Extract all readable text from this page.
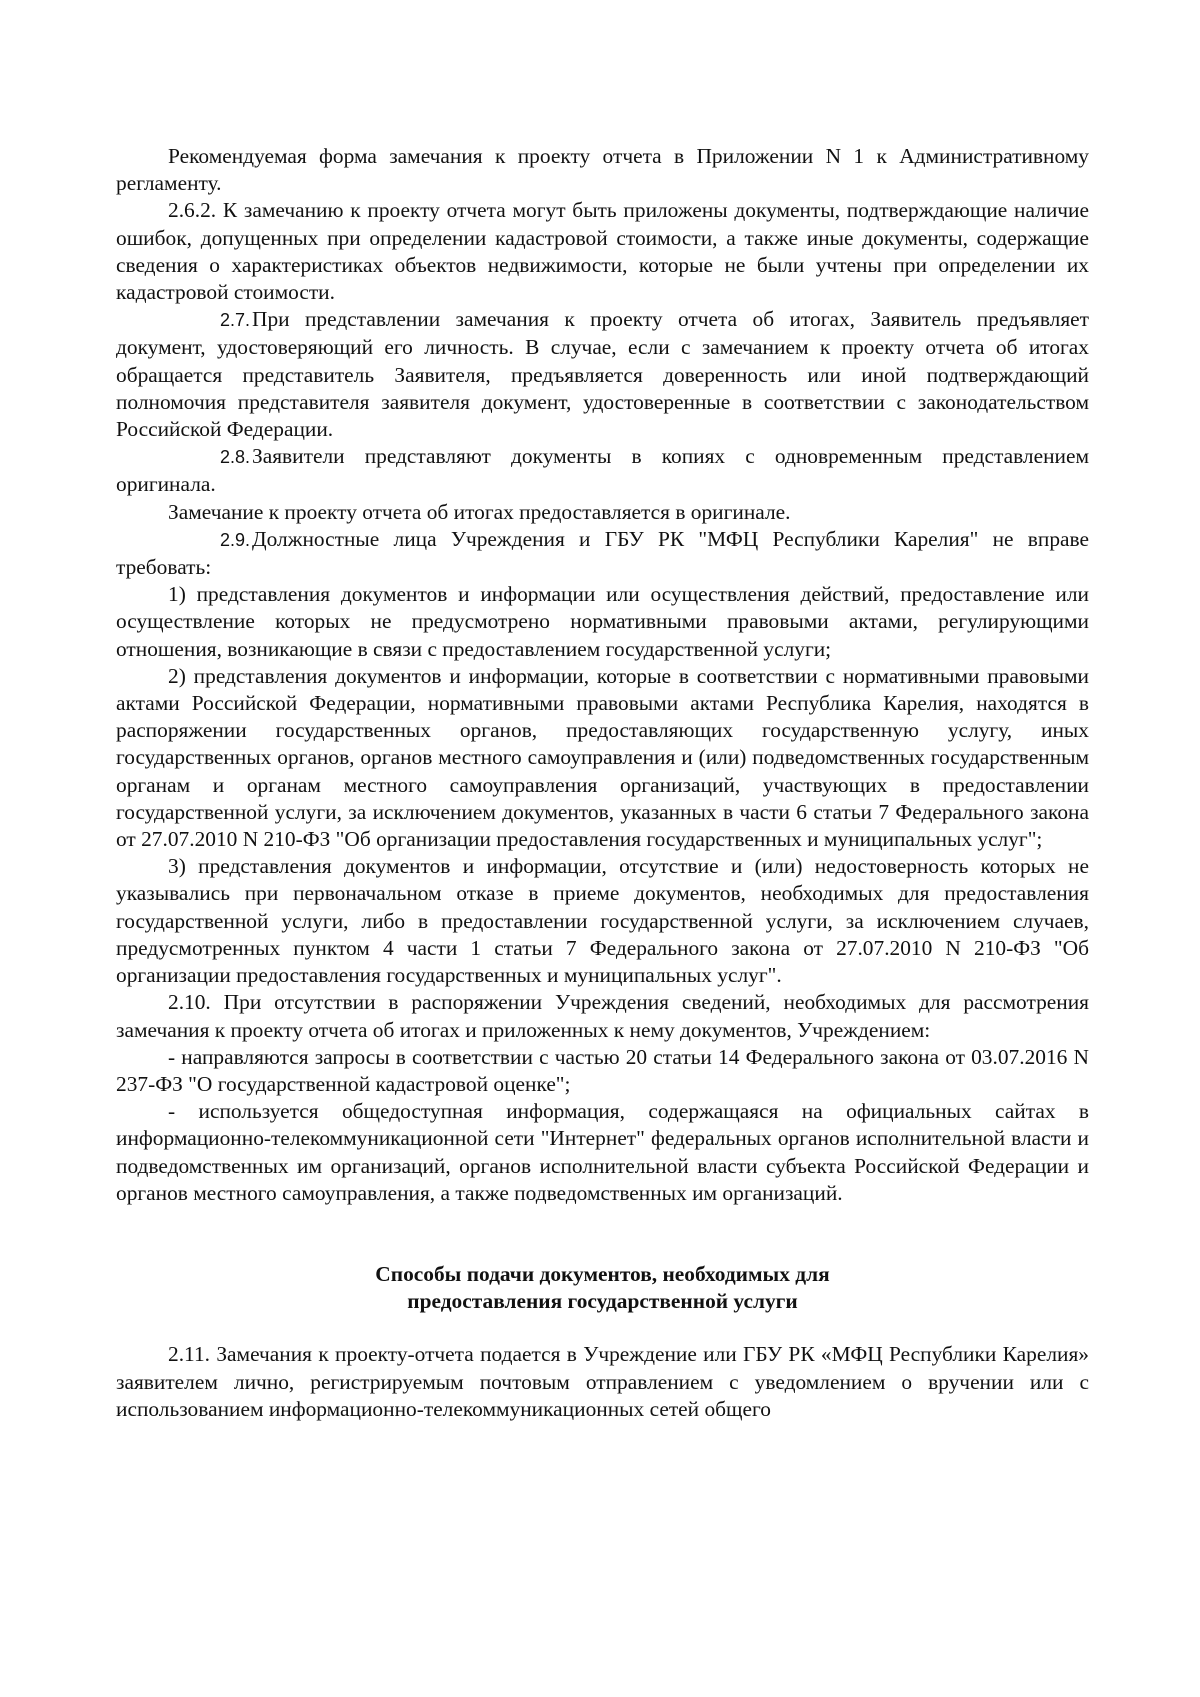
Рекомендуемая форма замечания к проекту отчета в Приложении N 1 к Административному регламенту.

2.6.2. К замечанию к проекту отчета могут быть приложены документы, подтверждающие наличие ошибок, допущенных при определении кадастровой стоимости, а также иные документы, содержащие сведения о характеристиках объектов недвижимости, которые не были учтены при определении их кадастровой стоимости.

2.7.При представлении замечания к проекту отчета об итогах, Заявитель предъявляет документ, удостоверяющий его личность. В случае, если с замечанием к проекту отчета об итогах обращается представитель Заявителя, предъявляется доверенность или иной подтверждающий полномочия представителя заявителя документ, удостоверенные в соответствии с законодательством Российской Федерации.

2.8.Заявители представляют документы в копиях с одновременным представлением оригинала.

Замечание к проекту отчета об итогах предоставляется в оригинале.

2.9.Должностные лица Учреждения и ГБУ РК "МФЦ Республики Карелия" не вправе требовать:

1) представления документов и информации или осуществления действий, предоставление или осуществление которых не предусмотрено нормативными правовыми актами, регулирующими отношения, возникающие в связи с предоставлением государственной услуги;

2) представления документов и информации, которые в соответствии с нормативными правовыми актами Российской Федерации, нормативными правовыми актами Республика Карелия, находятся в распоряжении государственных органов, предоставляющих государственную услугу, иных государственных органов, органов местного самоуправления и (или) подведомственных государственным органам и органам местного самоуправления организаций, участвующих в предоставлении государственной услуги, за исключением документов, указанных в части 6 статьи 7 Федерального закона от 27.07.2010 N 210-ФЗ "Об организации предоставления государственных и муниципальных услуг";

3) представления документов и информации, отсутствие и (или) недостоверность которых не указывались при первоначальном отказе в приеме документов, необходимых для предоставления государственной услуги, либо в предоставлении государственной услуги, за исключением случаев, предусмотренных пунктом 4 части 1 статьи 7 Федерального закона от 27.07.2010 N 210-ФЗ "Об организации предоставления государственных и муниципальных услуг".

2.10. При отсутствии в распоряжении Учреждения сведений, необходимых для рассмотрения замечания к проекту отчета об итогах и приложенных к нему документов, Учреждением:

- направляются запросы в соответствии с частью 20 статьи 14 Федерального закона от 03.07.2016 N 237-ФЗ "О государственной кадастровой оценке";

- используется общедоступная информация, содержащаяся на официальных сайтах в информационно-телекоммуникационной сети "Интернет" федеральных органов исполнительной власти и подведомственных им организаций, органов исполнительной власти субъекта Российской Федерации и органов местного самоуправления, а также подведомственных им организаций.

Способы подачи документов, необходимых для

предоставления государственной услуги

2.11. Замечания к проекту-отчета подается в Учреждение или ГБУ РК «МФЦ Республики Карелия» заявителем лично, регистрируемым почтовым отправлением с уведомлением о вручении или с использованием информационно-телекоммуникационных сетей общего
